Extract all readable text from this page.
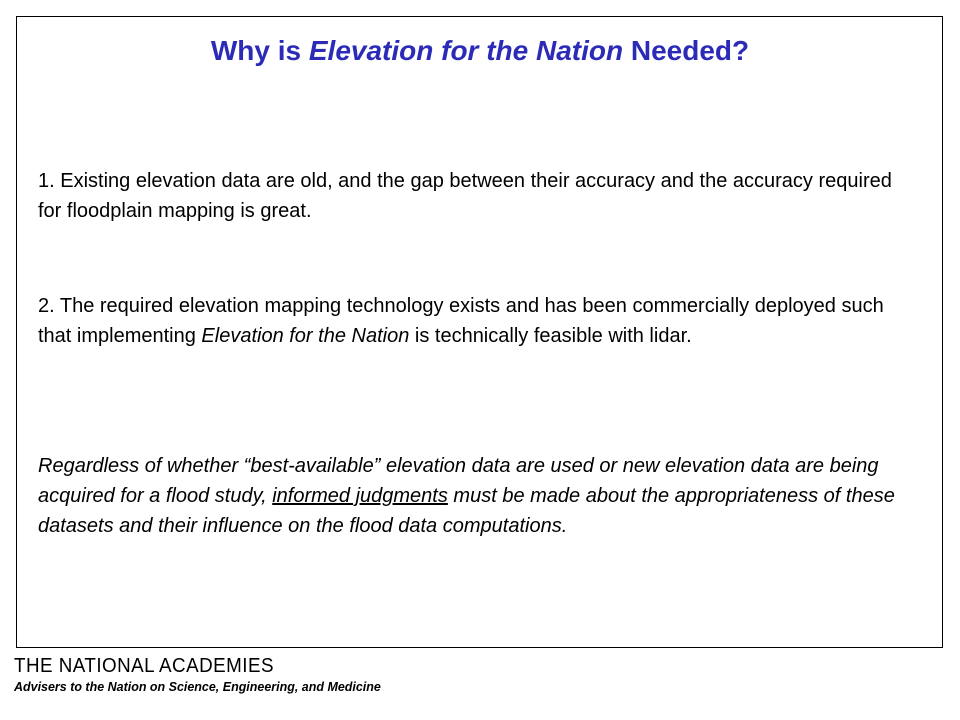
Why is Elevation for the Nation Needed?

1. Existing elevation data are old, and the gap between their accuracy and the accuracy required for floodplain mapping is great.

2. The required elevation mapping technology exists and has been commercially deployed such that implementing Elevation for the Nation is technically feasible with lidar.

Regardless of whether “best-available” elevation data are used or new elevation data are being acquired for a flood study, informed judgments must be made about the appropriateness of these datasets and their influence on the flood data computations.

THE NATIONAL ACADEMIES
Advisers to the Nation on Science, Engineering, and Medicine
